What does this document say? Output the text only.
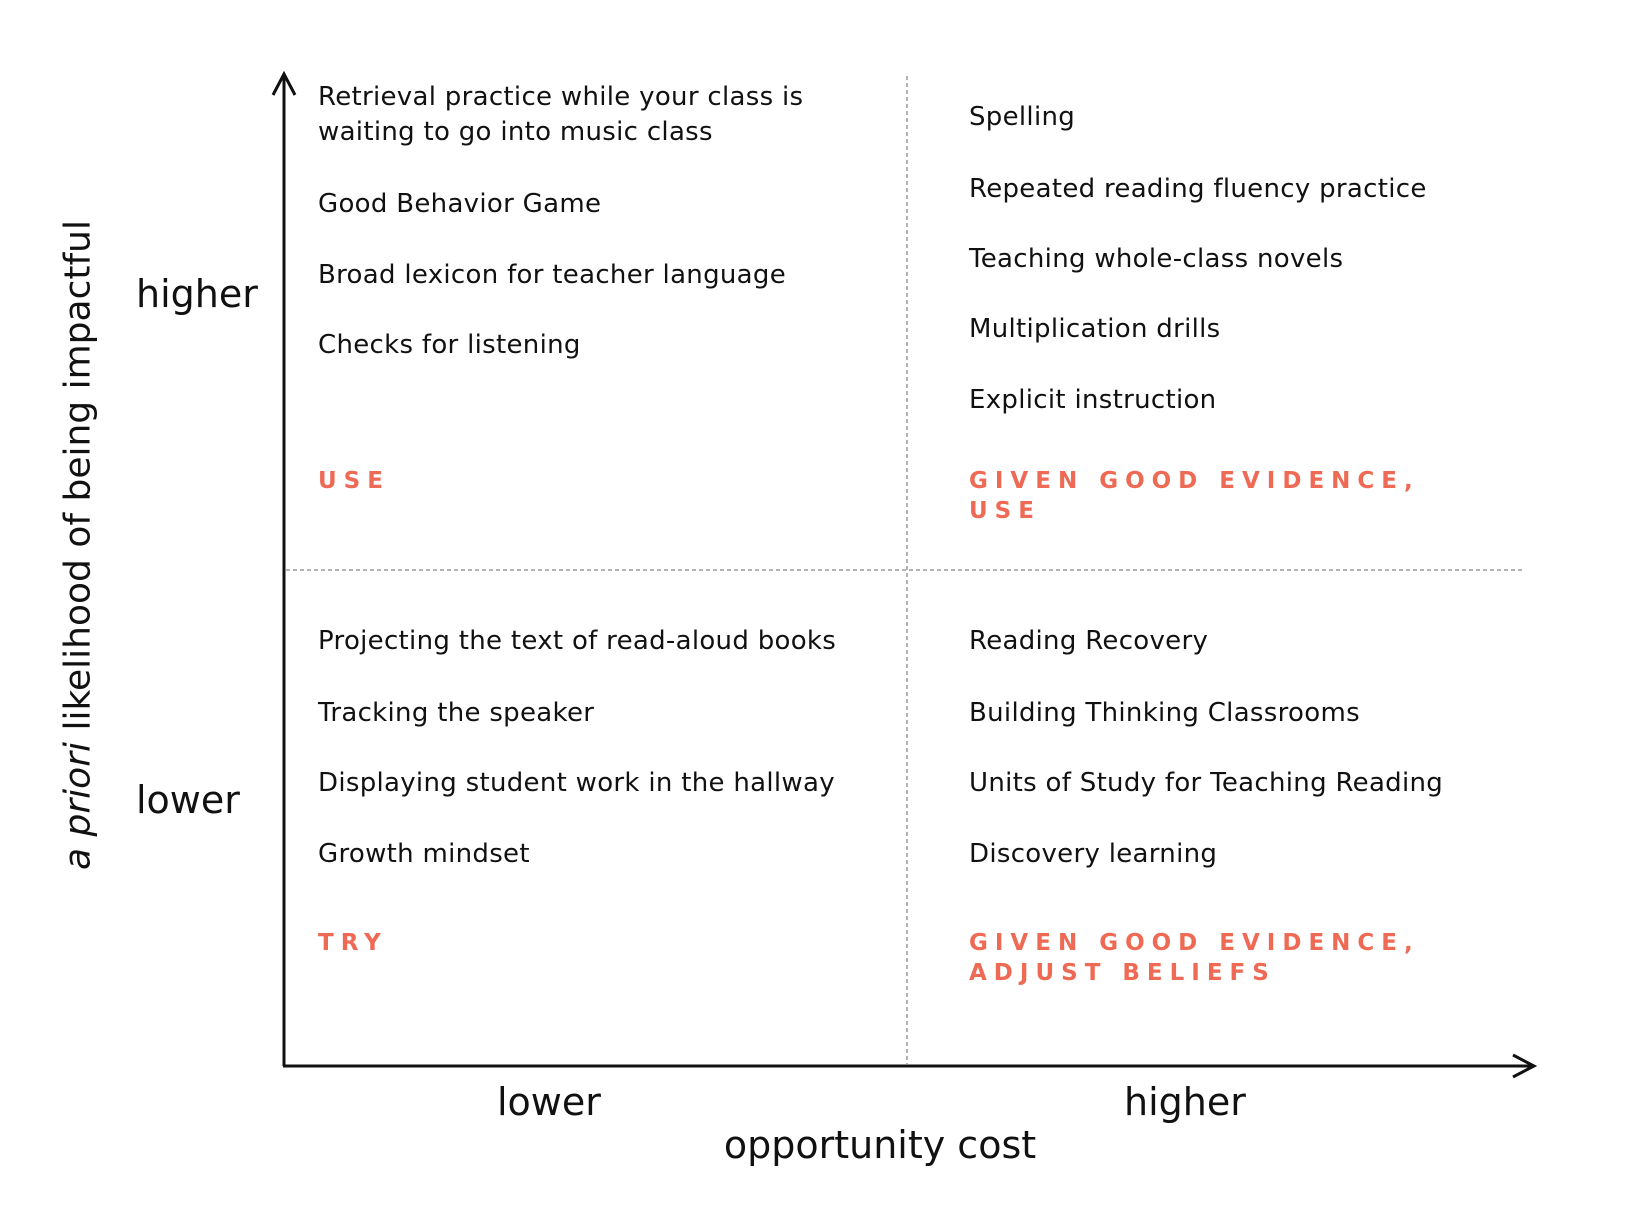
a priori likelihood of being impactful higher
lower
lower	higher
opportunity cost
Retrieval practice while your class is
waiting to go into music class
Good Behavior Game
Broad lexicon for teacher language
Checks for listening
USE
Spelling
Repeated reading fluency practice
Teaching whole-class novels
Multiplication drills
Explicit instruction
GIVEN GOOD EVIDENCE,
USE
Projecting the text of read-aloud books
Tracking the speaker
Displaying student work in the hallway
Growth mindset
TRY
Reading Recovery
Building Thinking Classrooms
Units of Study for Teaching Reading
Discovery learning
GIVEN GOOD EVIDENCE,
ADJUST BELIEFS
